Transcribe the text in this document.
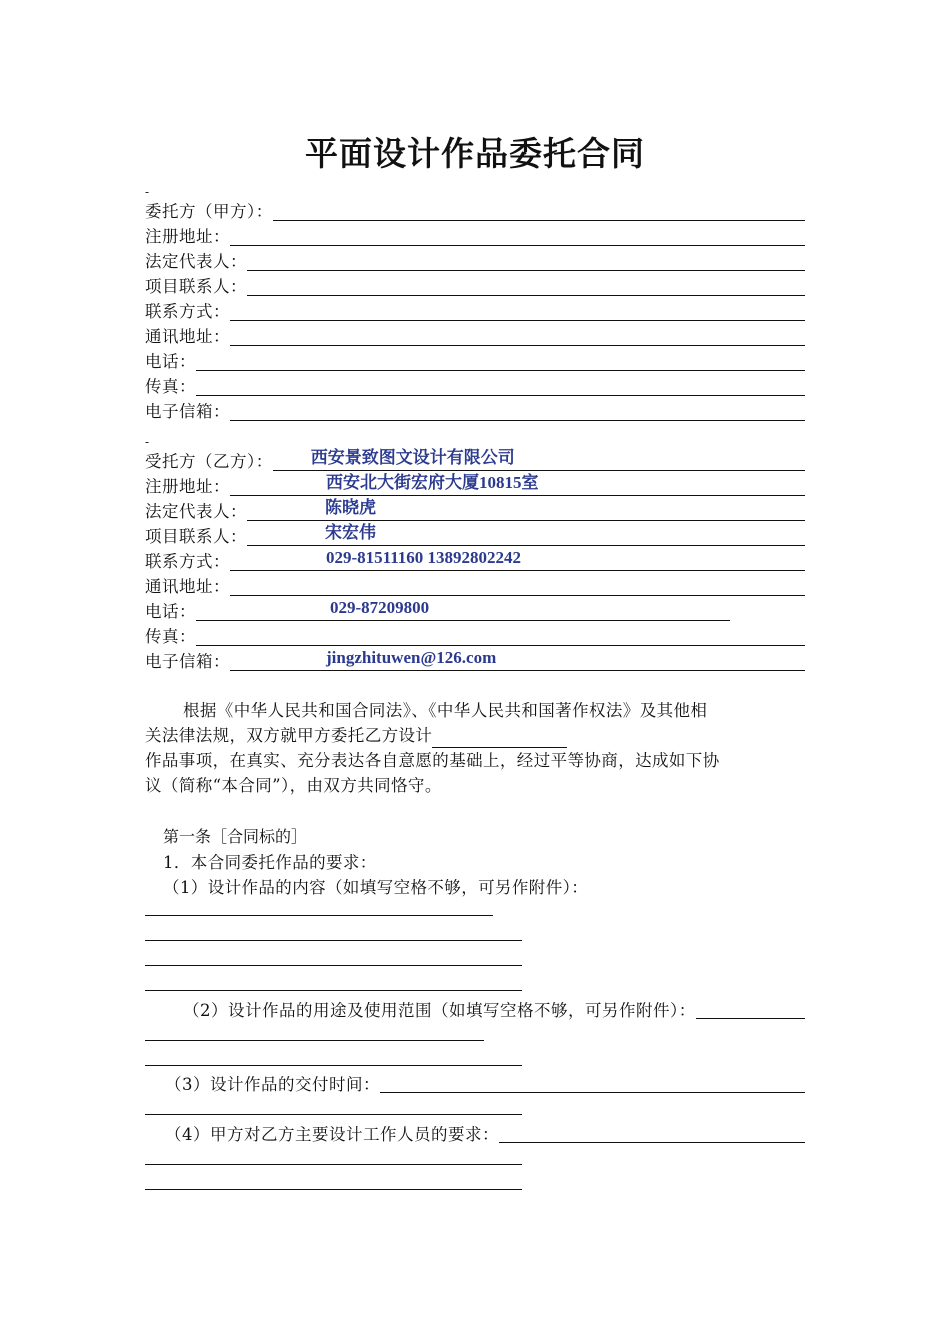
平面设计作品委托合同
-
委托方（甲方）：
注册地址：
法定代表人：
项目联系人：
联系方式：
通讯地址：
电话：
传真：
电子信箱：
-
受托方（乙方）： 西安景致图文设计有限公司
注册地址：	西安北大街宏府大厦10815室
法定代表人：	陈晓虎
项目联系人：	宋宏伟
联系方式：	029-81511160 13892802242
通讯地址：
电话：	029-87209800
传真：
电子信箱：	jingzhituwen@126.com
根据《中华人民共和国合同法》、《中华人民共和国著作权法》及其他相
关法律法规，双方就甲方委托乙方设计
作品事项，在真实、充分表达各自意愿的基础上，经过平等协商，达成如下协
议（简称“本合同”），由双方共同恪守。
第一条［合同标的］
1．本合同委托作品的要求：
（1）设计作品的内容（如填写空格不够，可另作附件）：
（2）设计作品的用途及使用范围（如填写空格不够，可另作附件）：
（3）设计作品的交付时间：
（4）甲方对乙方主要设计工作人员的要求：
